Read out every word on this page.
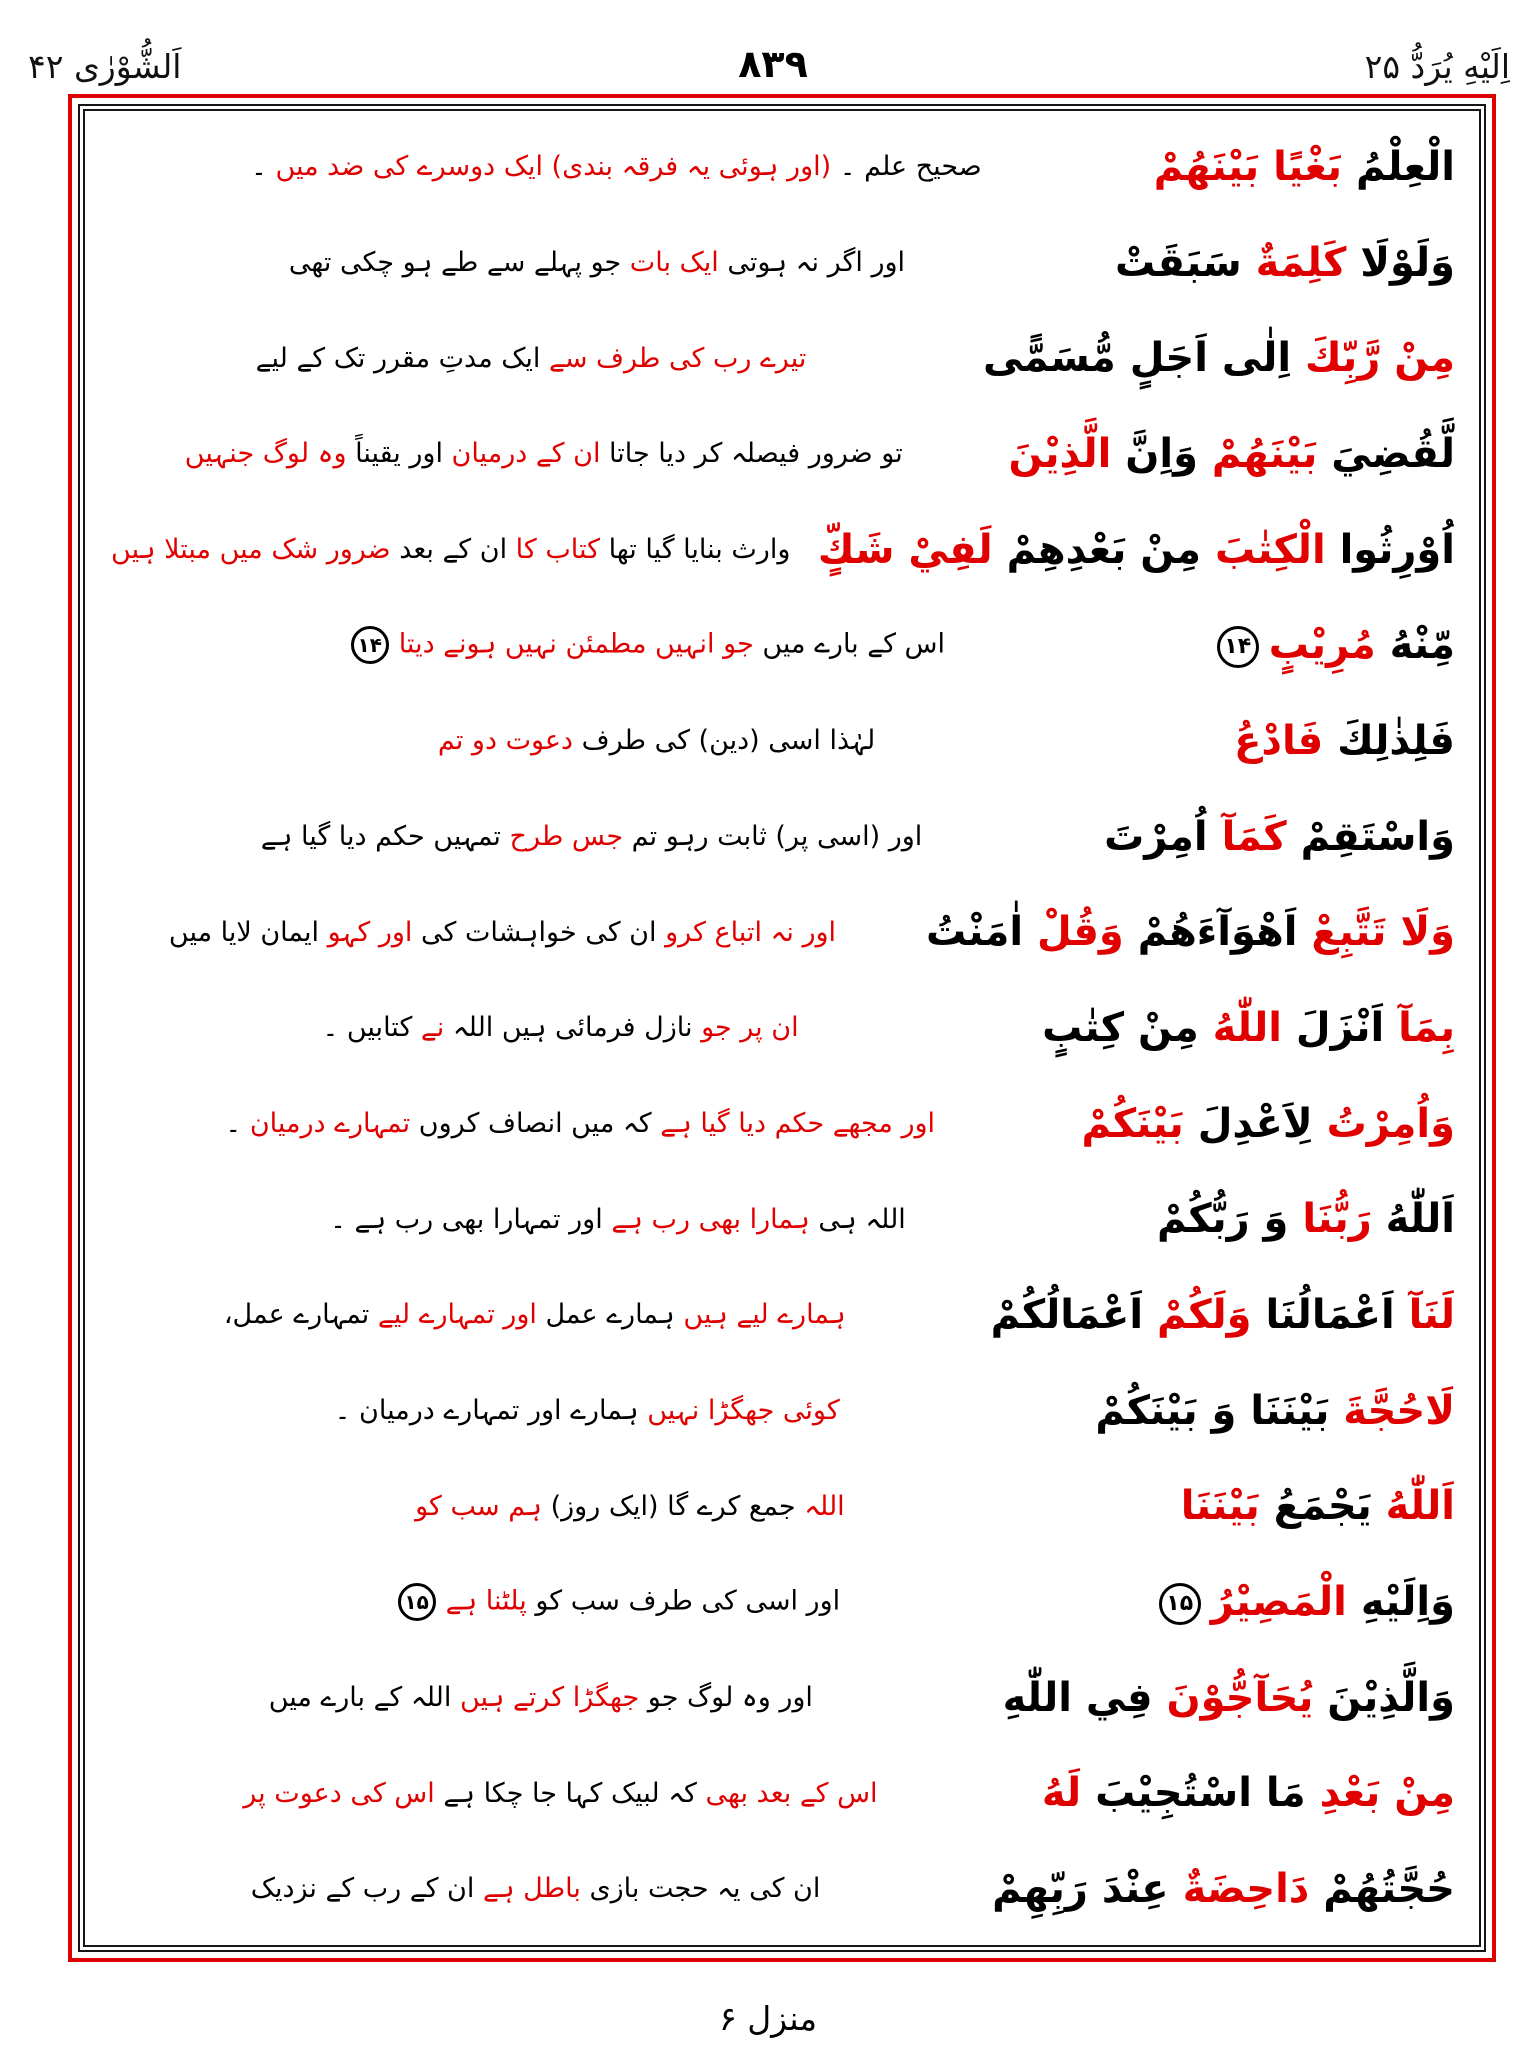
اِلَیْهِ یُرَدُّ ۲۵
۸۳۹
اَلشُّوْرٰی ۴۲
الْعِلْمُ بَغْيًا بَيْنَهُمْ
صحیح علم ۔ (اور ہوئی یہ فرقہ بندی) ایک دوسرے کی ضد میں ۔
وَلَوْلَا كَلِمَةٌ سَبَقَتْ
اور اگر نہ ہوتی ایک بات جو پہلے سے طے ہو چکی تھی
مِنْ رَّبِّكَ اِلٰى اَجَلٍ مُّسَمًّى
تیرے رب کی طرف سے ایک مدتِ مقرر تک کے لیے
لَّقُضِيَ بَيْنَهُمْ وَاِنَّ الَّذِيْنَ
تو ضرور فیصلہ کر دیا جاتا ان کے درمیان اور یقیناً وہ لوگ جنہیں
اُوْرِثُوا الْكِتٰبَ مِنْ بَعْدِهِمْ لَفِيْ شَكٍّ
وارث بنایا گیا تھا کتاب کا ان کے بعد ضرور شک میں مبتلا ہیں
مِّنْهُ مُرِيْبٍ۱۴
اس کے بارے میں جو انہیں مطمئن نہیں ہونے دیتا۱۴
فَلِذٰلِكَ فَادْعُ
لہٰذا اسی (دین) کی طرف دعوت دو تم
وَاسْتَقِمْ كَمَآ اُمِرْتَ
اور (اسی پر) ثابت رہو تم جس طرح تمہیں حکم دیا گیا ہے
وَلَا تَتَّبِعْ اَهْوَآءَهُمْ وَقُلْ اٰمَنْتُ
اور نہ اتباع کرو ان کی خواہشات کی اور کہو ایمان لایا میں
بِمَآ اَنْزَلَ اللّٰهُ مِنْ كِتٰبٍ
ان پر جو نازل فرمائی ہیں اللہ نے کتابیں ۔
وَاُمِرْتُ لِاَعْدِلَ بَيْنَكُمْ
اور مجھے حکم دیا گیا ہے کہ میں انصاف کروں تمہارے درمیان ۔
اَللّٰهُ رَبُّنَا وَ رَبُّكُمْ
اللہ ہی ہمارا بھی رب ہے اور تمہارا بھی رب ہے ۔
لَنَآ اَعْمَالُنَا وَلَكُمْ اَعْمَالُكُمْ
ہمارے لیے ہیں ہمارے عمل اور تمہارے لیے تمہارے عمل،
لَاحُجَّةَ بَيْنَنَا وَ بَيْنَكُمْ
کوئی جھگڑا نہیں ہمارے اور تمہارے درمیان ۔
اَللّٰهُ يَجْمَعُ بَيْنَنَا
اللہ جمع کرے گا (ایک روز) ہم سب کو
وَاِلَيْهِ الْمَصِيْرُ۱۵
اور اسی کی طرف سب کو پلٹنا ہے۱۵
وَالَّذِيْنَ يُحَآجُّوْنَ فِي اللّٰهِ
اور وہ لوگ جو جھگڑا کرتے ہیں اللہ کے بارے میں
مِنْ بَعْدِ مَا اسْتُجِيْبَ لَهُ
اس کے بعد بھی کہ لبیک کہا جا چکا ہے اس کی دعوت پر
حُجَّتُهُمْ دَاحِضَةٌ عِنْدَ رَبِّهِمْ
ان کی یہ حجت بازی باطل ہے ان کے رب کے نزدیک
منزل ۶
